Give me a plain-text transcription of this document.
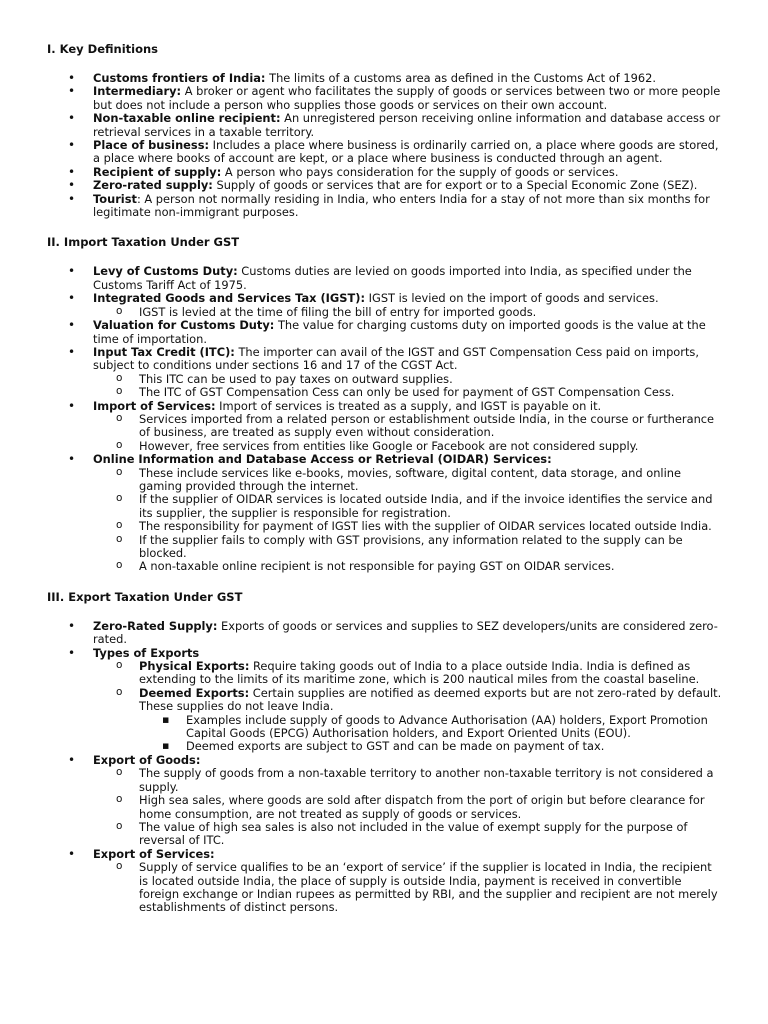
I. Key Definitions
• Customs frontiers of India: The limits of a customs area as defined in the Customs Act of 1962.
• Intermediary: A broker or agent who facilitates the supply of goods or services between two or more people but does not include a person who supplies those goods or services on their own account.
• Non-taxable online recipient: An unregistered person receiving online information and database access or retrieval services in a taxable territory.
• Place of business: Includes a place where business is ordinarily carried on, a place where goods are stored, a place where books of account are kept, or a place where business is conducted through an agent.
• Recipient of supply: A person who pays consideration for the supply of goods or services.
• Zero-rated supply: Supply of goods or services that are for export or to a Special Economic Zone (SEZ).
• Tourist: A person not normally residing in India, who enters India for a stay of not more than six months for legitimate non-immigrant purposes.
II. Import Taxation Under GST
• Levy of Customs Duty: Customs duties are levied on goods imported into India, as specified under the Customs Tariff Act of 1975.
• Integrated Goods and Services Tax (IGST): IGST is levied on the import of goods and services.
o IGST is levied at the time of filing the bill of entry for imported goods.
• Valuation for Customs Duty: The value for charging customs duty on imported goods is the value at the time of importation.
• Input Tax Credit (ITC): The importer can avail of the IGST and GST Compensation Cess paid on imports, subject to conditions under sections 16 and 17 of the CGST Act.
o This ITC can be used to pay taxes on outward supplies.
o The ITC of GST Compensation Cess can only be used for payment of GST Compensation Cess.
• Import of Services: Import of services is treated as a supply, and IGST is payable on it.
o Services imported from a related person or establishment outside India, in the course or furtherance of business, are treated as supply even without consideration.
o However, free services from entities like Google or Facebook are not considered supply.
• Online Information and Database Access or Retrieval (OIDAR) Services:
o These include services like e-books, movies, software, digital content, data storage, and online gaming provided through the internet.
o If the supplier of OIDAR services is located outside India, and if the invoice identifies the service and its supplier, the supplier is responsible for registration.
o The responsibility for payment of IGST lies with the supplier of OIDAR services located outside India.
o If the supplier fails to comply with GST provisions, any information related to the supply can be blocked.
o A non-taxable online recipient is not responsible for paying GST on OIDAR services.
III. Export Taxation Under GST
• Zero-Rated Supply: Exports of goods or services and supplies to SEZ developers/units are considered zero-rated.
• Types of Exports
o Physical Exports: Require taking goods out of India to a place outside India. India is defined as extending to the limits of its maritime zone, which is 200 nautical miles from the coastal baseline.
o Deemed Exports: Certain supplies are notified as deemed exports but are not zero-rated by default. These supplies do not leave India.
▪ Examples include supply of goods to Advance Authorisation (AA) holders, Export Promotion Capital Goods (EPCG) Authorisation holders, and Export Oriented Units (EOU).
▪ Deemed exports are subject to GST and can be made on payment of tax.
• Export of Goods:
o The supply of goods from a non-taxable territory to another non-taxable territory is not considered a supply.
o High sea sales, where goods are sold after dispatch from the port of origin but before clearance for home consumption, are not treated as supply of goods or services.
o The value of high sea sales is also not included in the value of exempt supply for the purpose of reversal of ITC.
• Export of Services:
o Supply of service qualifies to be an ‘export of service’ if the supplier is located in India, the recipient is located outside India, the place of supply is outside India, payment is received in convertible foreign exchange or Indian rupees as permitted by RBI, and the supplier and recipient are not merely establishments of distinct persons.
